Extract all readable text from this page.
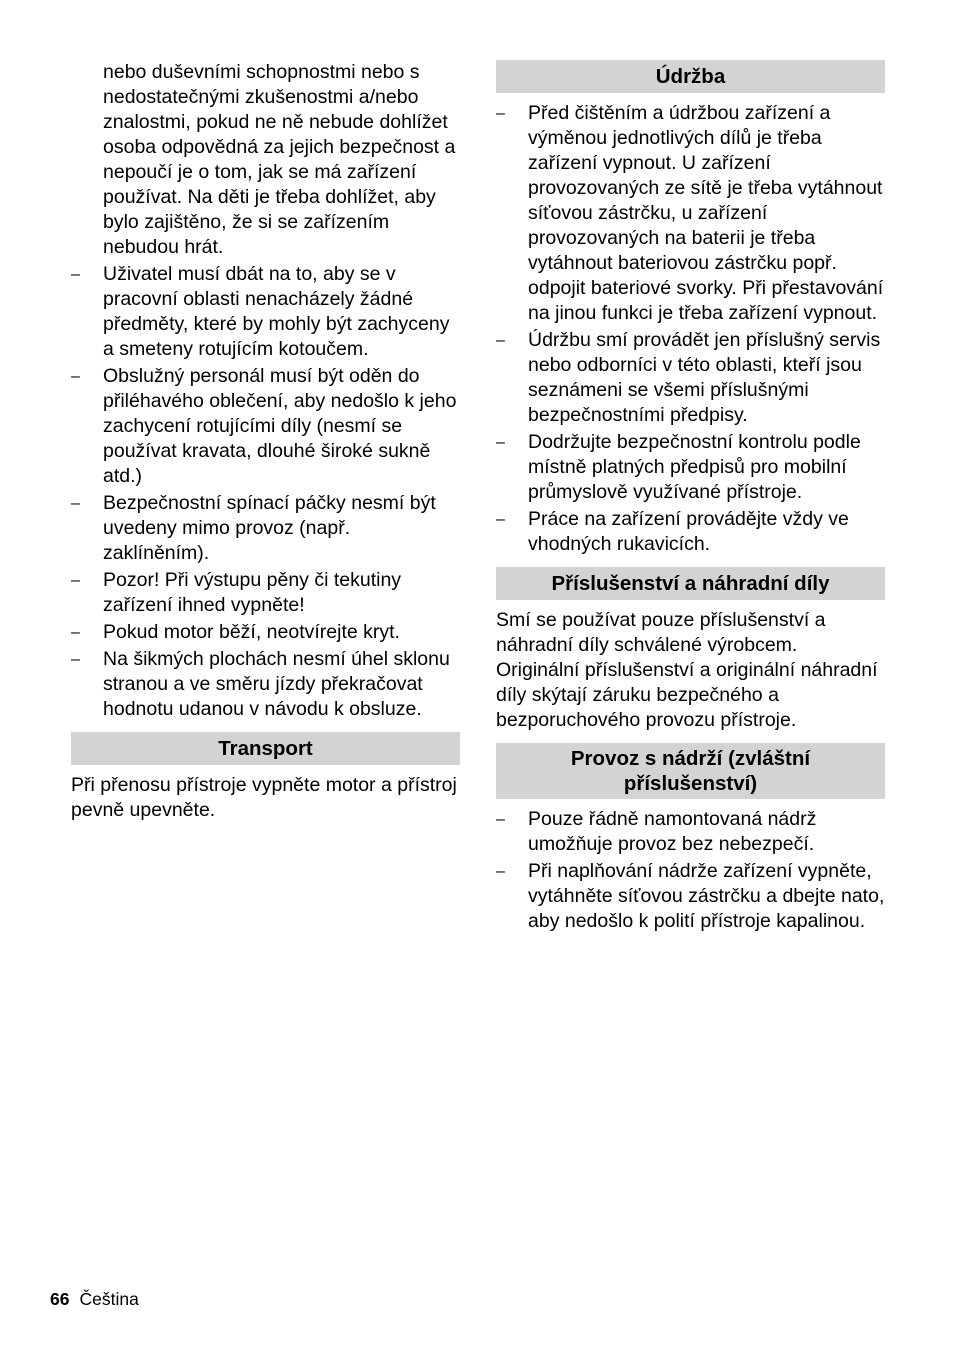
nebo duševními schopnostmi nebo s nedostatečnými zkušenostmi a/nebo znalostmi, pokud ne ně nebude dohlížet osoba odpovědná za jejich bezpečnost a nepoučí je o tom, jak se má zařízení používat. Na děti je třeba dohlížet, aby bylo zajištěno, že si se zařízením nebudou hrát.

–	Uživatel musí dbát na to, aby se v pracovní oblasti nenacházely žádné předměty, které by mohly být zachyceny a smeteny rotujícím kotoučem.
–	Obslužný personál musí být oděn do přiléhavého oblečení, aby nedošlo k jeho zachycení rotujícími díly (nesmí se používat kravata, dlouhé široké sukně atd.)
–	Bezpečnostní spínací páčky nesmí být uvedeny mimo provoz (např. zaklíněním).
–	Pozor! Při výstupu pěny či tekutiny zařízení ihned vypněte!
–	Pokud motor běží, neotvírejte kryt.
–	Na šikmých plochách nesmí úhel sklonu stranou a ve směru jízdy překračovat hodnotu udanou v návodu k obsluze.
Transport

Při přenosu přístroje vypněte motor a přístroj pevně upevněte.

Údržba
–	Před čištěním a údržbou zařízení a výměnou jednotlivých dílů je třeba zařízení vypnout. U zařízení provozovaných ze sítě je třeba vytáhnout síťovou zástrčku, u zařízení provozovaných na baterii je třeba vytáhnout bateriovou zástrčku popř. odpojit bateriové svorky. Při přestavování na jinou funkci je třeba zařízení vypnout.
–	Údržbu smí provádět jen příslušný servis nebo odborníci v této oblasti, kteří jsou seznámeni se všemi příslušnými bezpečnostními předpisy.
–	Dodržujte bezpečnostní kontrolu podle místně platných předpisů pro mobilní průmyslově využívané přístroje.
–	Práce na zařízení provádějte vždy ve vhodných rukavicích.
Příslušenství a náhradní díly

Smí se používat pouze příslušenství a náhradní díly schválené výrobcem. Originální příslušenství a originální náhradní díly skýtají záruku bezpečného a bezporuchového provozu přístroje.

Provoz s nádrží (zvláštní příslušenství)
–	Pouze řádně namontovaná nádrž umožňuje provoz bez nebezpečí.
–	Při naplňování nádrže zařízení vypněte, vytáhněte síťovou zástrčku a dbejte nato, aby nedošlo k polití přístroje kapalinou.
66 Čeština
